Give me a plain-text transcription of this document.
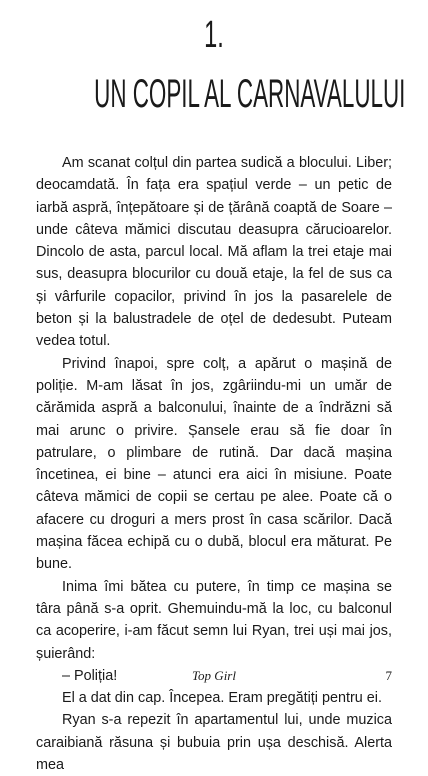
1.
UN COPIL AL CARNAVALULUI

Am scanat colțul din partea sudică a blocului. Liber; deocamdată. În fața era spațiul verde – un petic de iarbă aspră, înțepătoare și de țărână coaptă de Soare – unde câteva mămici discutau deasupra cărucioarelor. Dincolo de asta, parcul local. Mă aflam la trei etaje mai sus, deasupra blocurilor cu două etaje, la fel de sus ca și vârfurile copacilor, privind în jos la pasarelele de beton și la balustradele de oțel de dedesubt. Puteam vedea totul.

Privind înapoi, spre colț, a apărut o mașină de poliție. M-am lăsat în jos, zgâriindu-mi un umăr de cărămida aspră a balconului, înainte de a îndrăzni să mai arunc o privire. Șansele erau să fie doar în patrulare, o plimbare de rutină. Dar dacă mașina încetinea, ei bine – atunci era aici în misiune. Poate câteva mămici de copii se certau pe alee. Poate că o afacere cu droguri a mers prost în casa scărilor. Dacă mașina făcea echipă cu o dubă, blocul era măturat. Pe bune.

Inima îmi bătea cu putere, în timp ce mașina se târa până s-a oprit. Ghemuindu-mă la loc, cu balconul ca acoperire, i-am făcut semn lui Ryan, trei uși mai jos, șuierând:

– Poliția!

El a dat din cap. Începea. Eram pregătiți pentru ei.

Ryan s-a repezit în apartamentul lui, unde muzica caraibiană răsuna și bubuia prin ușa deschisă. Alerta mea

Top Girl	7
